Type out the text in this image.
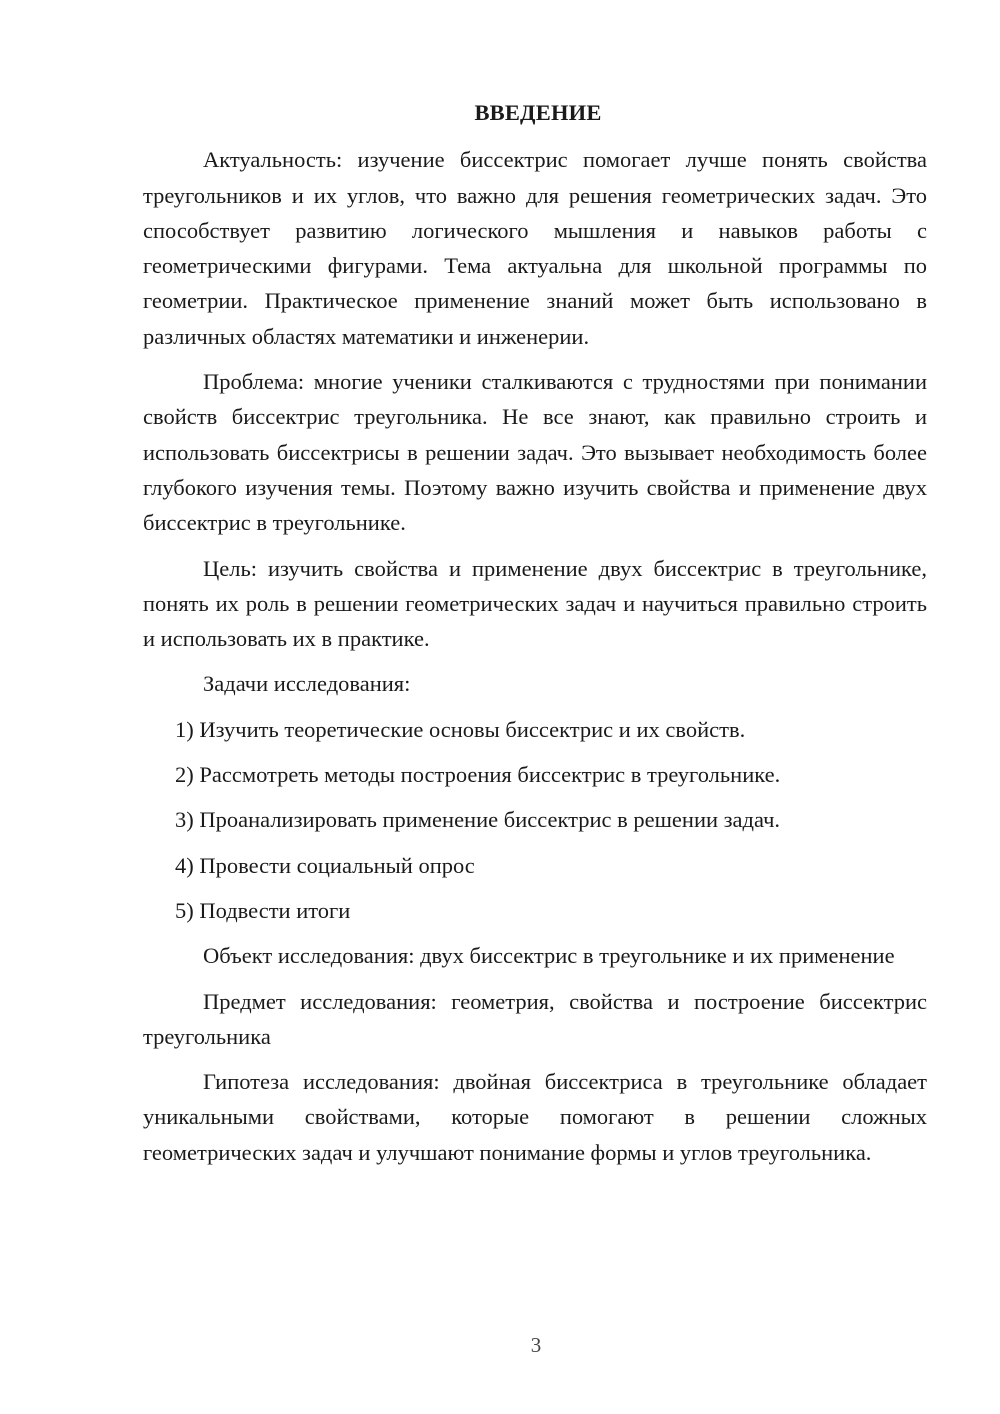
ВВЕДЕНИЕ

Актуальность: изучение биссектрис помогает лучше понять свойства треугольников и их углов, что важно для решения геометрических задач. Это способствует развитию логического мышления и навыков работы с геометрическими фигурами. Тема актуальна для школьной программы по геометрии. Практическое применение знаний может быть использовано в различных областях математики и инженерии.

Проблема: многие ученики сталкиваются с трудностями при понимании свойств биссектрис треугольника. Не все знают, как правильно строить и использовать биссектрисы в решении задач. Это вызывает необходимость более глубокого изучения темы. Поэтому важно изучить свойства и применение двух биссектрис в треугольнике.

Цель: изучить свойства и применение двух биссектрис в треугольнике, понять их роль в решении геометрических задач и научиться правильно строить и использовать их в практике.

Задачи исследования:

1) Изучить теоретические основы биссектрис и их свойств.

2) Рассмотреть методы построения биссектрис в треугольнике.

3) Проанализировать применение биссектрис в решении задач.

4) Провести социальный опрос

5) Подвести итоги

Объект исследования: двух биссектрис в треугольнике и их применение

Предмет исследования: геометрия, свойства и построение биссектрис треугольника

Гипотеза исследования: двойная биссектриса в треугольнике обладает уникальными свойствами, которые помогают в решении сложных геометрических задач и улучшают понимание формы и углов треугольника.

3
